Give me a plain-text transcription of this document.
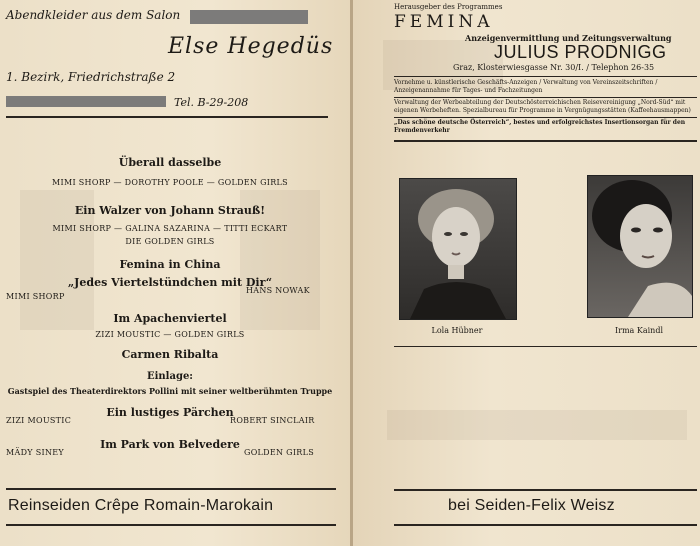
Abendkleider aus dem Salon
Else Hegedüs
1. Bezirk, Friedrichstraße 2
Tel. B-29-208
Überall dasselbe
MIMI SHORP — DOROTHY POOLE — GOLDEN GIRLS
Ein Walzer von Johann Strauß!
MIMI SHORP — GALINA SAZARINA — TITTI ECKART
DIE GOLDEN GIRLS
Femina in China
„Jedes Viertelstündchen mit Dir“
MIMI SHORP
HANS NOWAK
Im Apachenviertel
ZIZI MOUSTIC — GOLDEN GIRLS
Carmen Ribalta
Einlage:
Gastspiel des Theaterdirektors Pollini mit seiner weltberühmten Truppe
Ein lustiges Pärchen
ZIZI MOUSTIC	ROBERT SINCLAIR
Im Park von Belvedere
MÄDY SINEY	GOLDEN GIRLS
Reinseiden Crêpe Romain-Marokain
Herausgeber des Programmes
FEMINA
Anzeigenvermittlung und Zeitungsverwaltung
JULIUS PRODNIGG
Graz, Klosterwiesgasse Nr. 30/I. / Telephon 26-35
Vornehme u. künstlerische Geschäfts-Anzeigen / Verwaltung von Vereinszeitschriften / Anzeigenannahme für Tages- und Fachzeitungen
Verwaltung der Werbeabteilung der Deutschösterreichischen Reisevereinigung „Nord-Süd“ mit eigenen Werbeheften. Spezialbureau für Programme in Vergnügungsstätten (Kaffeehausmappen)
„Das schöne deutsche Österreich“, bestes und erfolgreichstes Insertionsorgan für den Fremdenverkehr
Lola Hübner	Irma Kaindl
bei Seiden-Felix Weisz
